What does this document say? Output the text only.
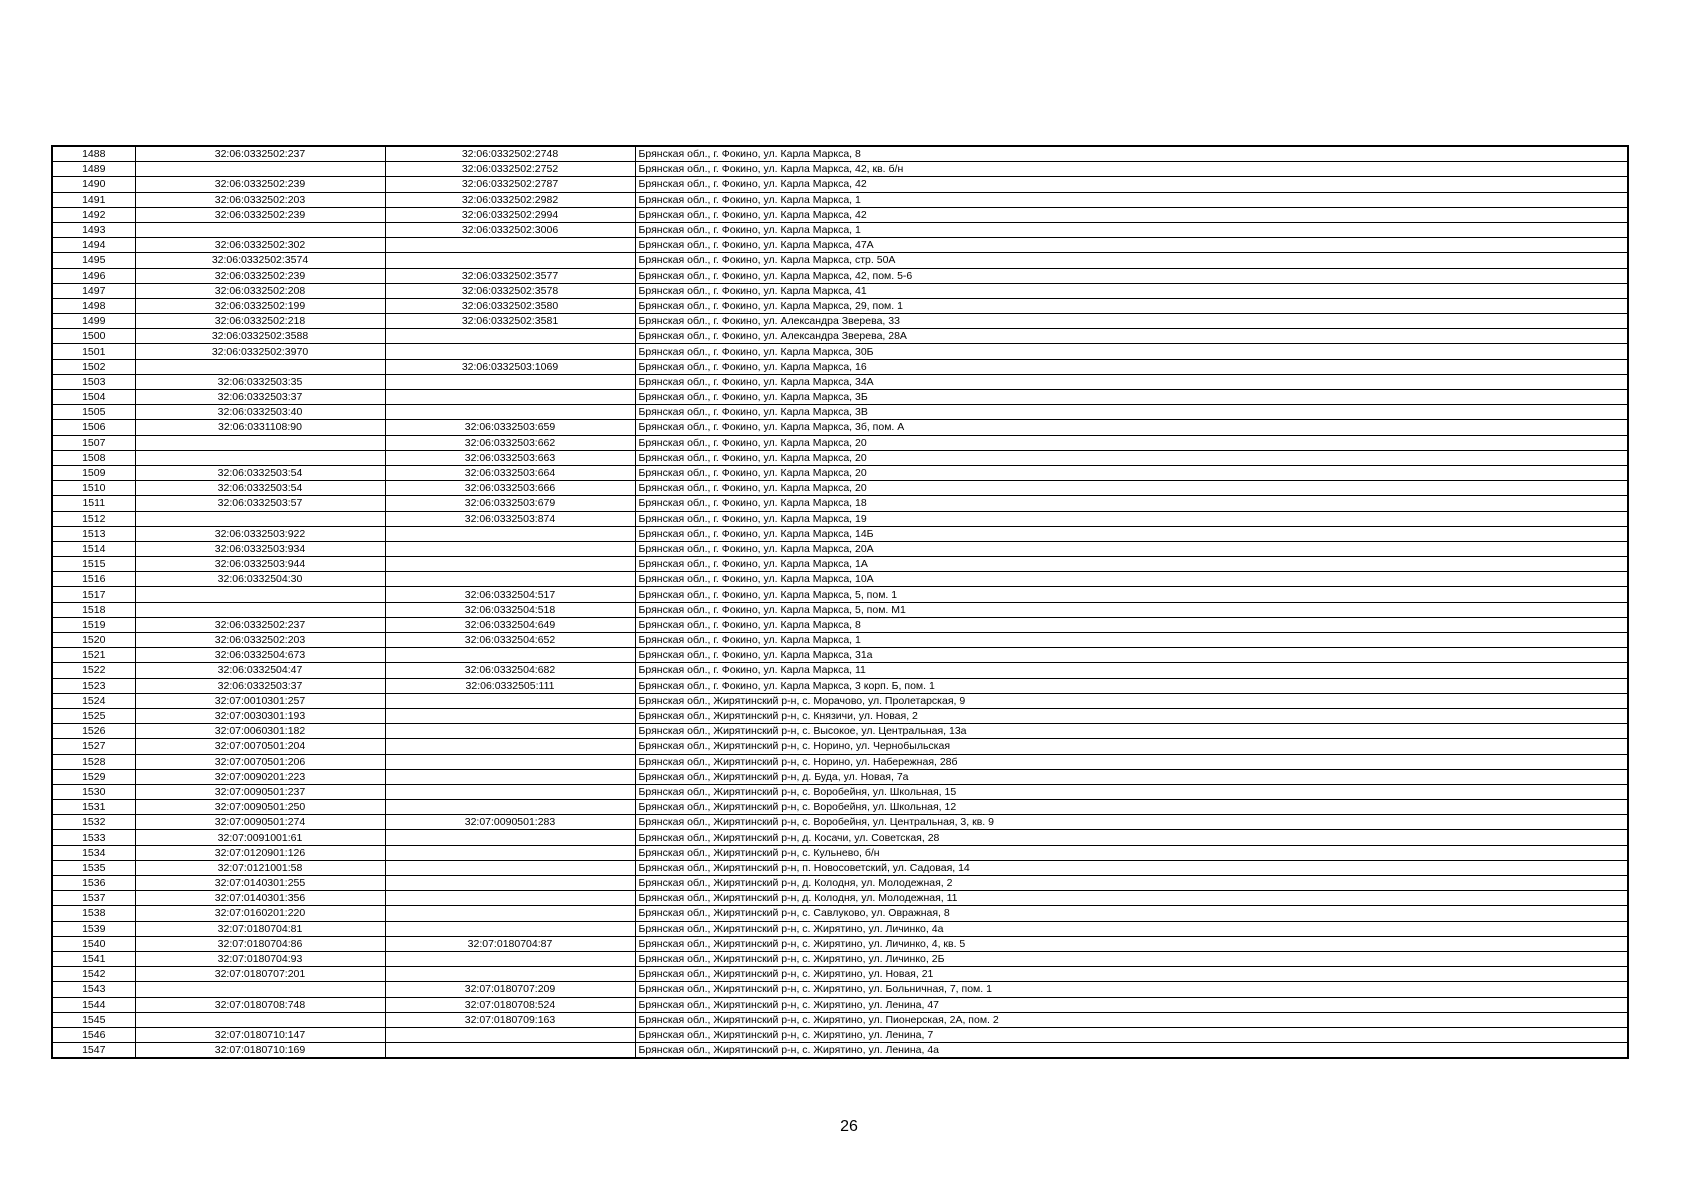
1488	32:06:0332502:237	32:06:0332502:2748	Брянская обл., г. Фокино, ул. Карла Маркса, 8
1489		32:06:0332502:2752	Брянская обл., г. Фокино, ул. Карла Маркса, 42, кв. б/н
1490	32:06:0332502:239	32:06:0332502:2787	Брянская обл., г. Фокино, ул. Карла Маркса, 42
1491	32:06:0332502:203	32:06:0332502:2982	Брянская обл., г. Фокино, ул. Карла Маркса, 1
1492	32:06:0332502:239	32:06:0332502:2994	Брянская обл., г. Фокино, ул. Карла Маркса, 42
1493		32:06:0332502:3006	Брянская обл., г. Фокино, ул. Карла Маркса, 1
1494	32:06:0332502:302		Брянская обл., г. Фокино, ул. Карла Маркса, 47А
1495	32:06:0332502:3574		Брянская обл., г. Фокино, ул. Карла Маркса, стр. 50А
1496	32:06:0332502:239	32:06:0332502:3577	Брянская обл., г. Фокино, ул. Карла Маркса, 42, пом. 5-6
1497	32:06:0332502:208	32:06:0332502:3578	Брянская обл., г. Фокино, ул. Карла Маркса, 41
1498	32:06:0332502:199	32:06:0332502:3580	Брянская обл., г. Фокино, ул. Карла Маркса, 29, пом. 1
1499	32:06:0332502:218	32:06:0332502:3581	Брянская обл., г. Фокино, ул. Александра Зверева, 33
1500	32:06:0332502:3588		Брянская обл., г. Фокино, ул. Александра Зверева, 28А
1501	32:06:0332502:3970		Брянская обл., г. Фокино, ул. Карла Маркса, 30Б
1502		32:06:0332503:1069	Брянская обл., г. Фокино, ул. Карла Маркса, 16
1503	32:06:0332503:35		Брянская обл., г. Фокино, ул. Карла Маркса, 34А
1504	32:06:0332503:37		Брянская обл., г. Фокино, ул. Карла Маркса, 3Б
1505	32:06:0332503:40		Брянская обл., г. Фокино, ул. Карла Маркса, 3В
1506	32:06:0331108:90	32:06:0332503:659	Брянская обл., г. Фокино, ул. Карла Маркса, 3б, пом. А
1507		32:06:0332503:662	Брянская обл., г. Фокино, ул. Карла Маркса, 20
1508		32:06:0332503:663	Брянская обл., г. Фокино, ул. Карла Маркса, 20
1509	32:06:0332503:54	32:06:0332503:664	Брянская обл., г. Фокино, ул. Карла Маркса, 20
1510	32:06:0332503:54	32:06:0332503:666	Брянская обл., г. Фокино, ул. Карла Маркса, 20
1511	32:06:0332503:57	32:06:0332503:679	Брянская обл., г. Фокино, ул. Карла Маркса, 18
1512		32:06:0332503:874	Брянская обл., г. Фокино, ул. Карла Маркса, 19
1513	32:06:0332503:922		Брянская обл., г. Фокино, ул. Карла Маркса, 14Б
1514	32:06:0332503:934		Брянская обл., г. Фокино, ул. Карла Маркса, 20А
1515	32:06:0332503:944		Брянская обл., г. Фокино, ул. Карла Маркса, 1А
1516	32:06:0332504:30		Брянская обл., г. Фокино, ул. Карла Маркса, 10А
1517		32:06:0332504:517	Брянская обл., г. Фокино, ул. Карла Маркса, 5, пом. 1
1518		32:06:0332504:518	Брянская обл., г. Фокино, ул. Карла Маркса, 5, пом. М1
1519	32:06:0332502:237	32:06:0332504:649	Брянская обл., г. Фокино, ул. Карла Маркса, 8
1520	32:06:0332502:203	32:06:0332504:652	Брянская обл., г. Фокино, ул. Карла Маркса, 1
1521	32:06:0332504:673		Брянская обл., г. Фокино, ул. Карла Маркса, 31а
1522	32:06:0332504:47	32:06:0332504:682	Брянская обл., г. Фокино, ул. Карла Маркса, 11
1523	32:06:0332503:37	32:06:0332505:111	Брянская обл., г. Фокино, ул. Карла Маркса, 3 корп. Б, пом. 1
1524	32:07:0010301:257		Брянская обл., Жирятинский р-н, с. Морачово, ул. Пролетарская, 9
1525	32:07:0030301:193		Брянская обл., Жирятинский р-н, с. Князичи, ул. Новая, 2
1526	32:07:0060301:182		Брянская обл., Жирятинский р-н, с. Высокое, ул. Центральная, 13а
1527	32:07:0070501:204		Брянская обл., Жирятинский р-н, с. Норино, ул. Чернобыльская
1528	32:07:0070501:206		Брянская обл., Жирятинский р-н, с. Норино, ул. Набережная, 28б
1529	32:07:0090201:223		Брянская обл., Жирятинский р-н, д. Буда, ул. Новая, 7а
1530	32:07:0090501:237		Брянская обл., Жирятинский р-н, с. Воробейня, ул. Школьная, 15
1531	32:07:0090501:250		Брянская обл., Жирятинский р-н, с. Воробейня, ул. Школьная, 12
1532	32:07:0090501:274	32:07:0090501:283	Брянская обл., Жирятинский р-н, с. Воробейня, ул. Центральная, 3, кв. 9
1533	32:07:0091001:61		Брянская обл., Жирятинский р-н, д. Косачи, ул. Советская, 28
1534	32:07:0120901:126		Брянская обл., Жирятинский р-н, с. Кульнево, б/н
1535	32:07:0121001:58		Брянская обл., Жирятинский р-н, п. Новосоветский, ул. Садовая, 14
1536	32:07:0140301:255		Брянская обл., Жирятинский р-н, д. Колодня, ул. Молодежная, 2
1537	32:07:0140301:356		Брянская обл., Жирятинский р-н, д. Колодня, ул. Молодежная, 11
1538	32:07:0160201:220		Брянская обл., Жирятинский р-н, с. Савлуково, ул. Овражная, 8
1539	32:07:0180704:81		Брянская обл., Жирятинский р-н, с. Жирятино, ул. Личинко, 4а
1540	32:07:0180704:86	32:07:0180704:87	Брянская обл., Жирятинский р-н, с. Жирятино, ул. Личинко, 4, кв. 5
1541	32:07:0180704:93		Брянская обл., Жирятинский р-н, с. Жирятино, ул. Личинко, 2Б
1542	32:07:0180707:201		Брянская обл., Жирятинский р-н, с. Жирятино, ул. Новая, 21
1543		32:07:0180707:209	Брянская обл., Жирятинский р-н, с. Жирятино, ул. Больничная, 7, пом. 1
1544	32:07:0180708:748	32:07:0180708:524	Брянская обл., Жирятинский р-н, с. Жирятино, ул. Ленина, 47
1545		32:07:0180709:163	Брянская обл., Жирятинский р-н, с. Жирятино, ул. Пионерская, 2А, пом. 2
1546	32:07:0180710:147		Брянская обл., Жирятинский р-н, с. Жирятино, ул. Ленина, 7
1547	32:07:0180710:169		Брянская обл., Жирятинский р-н, с. Жирятино, ул. Ленина, 4а
26
